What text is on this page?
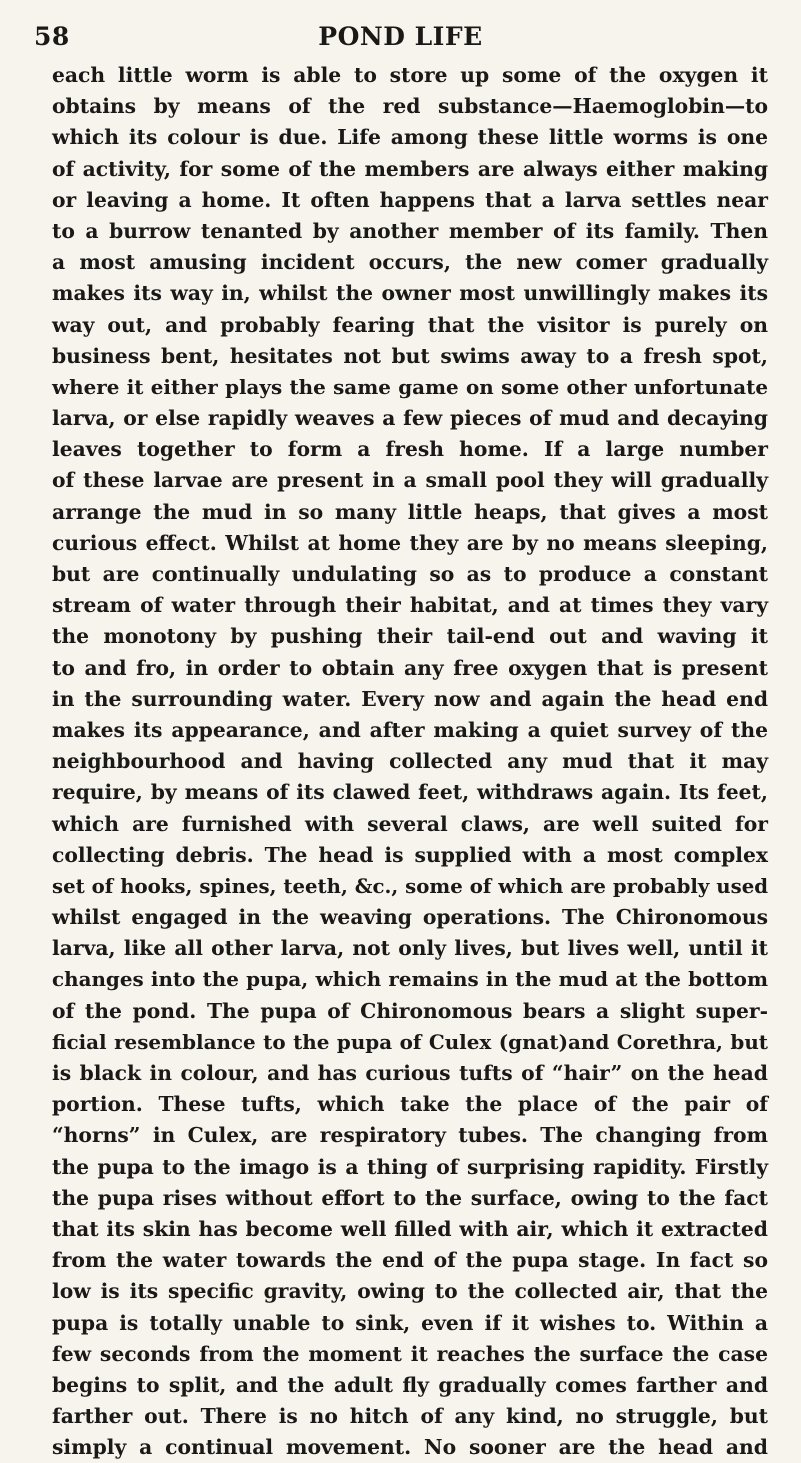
58	POND LIFE
each little worm is able to store up some of the oxygen it
obtains by means of the red substance—Haemoglobin—to
which its colour is due. Life among these little worms is one
of activity, for some of the members are always either making
or leaving a home. It often happens that a larva settles near
to a burrow tenanted by another member of its family. Then
a most amusing incident occurs, the new comer gradually
makes its way in, whilst the owner most unwillingly makes its
way out, and probably fearing that the visitor is purely on
business bent, hesitates not but swims away to a fresh spot,
where it either plays the same game on some other unfortunate
larva, or else rapidly weaves a few pieces of mud and decaying
leaves together to form a fresh home. If a large number
of these larvae are present in a small pool they will gradually
arrange the mud in so many little heaps, that gives a most
curious effect. Whilst at home they are by no means sleeping,
but are continually undulating so as to produce a constant
stream of water through their habitat, and at times they vary
the monotony by pushing their tail-end out and waving it
to and fro, in order to obtain any free oxygen that is present
in the surrounding water. Every now and again the head end
makes its appearance, and after making a quiet survey of the
neighbourhood and having collected any mud that it may
require, by means of its clawed feet, withdraws again. Its feet,
which are furnished with several claws, are well suited for
collecting debris. The head is supplied with a most complex
set of hooks, spines, teeth, &c., some of which are probably used
whilst engaged in the weaving operations. The Chironomous
larva, like all other larva, not only lives, but lives well, until it
changes into the pupa, which remains in the mud at the bottom
of the pond. The pupa of Chironomous bears a slight super-
ficial resemblance to the pupa of Culex (gnat)and Corethra, but
is black in colour, and has curious tufts of “hair” on the head
portion. These tufts, which take the place of the pair of
“horns” in Culex, are respiratory tubes. The changing from
the pupa to the imago is a thing of surprising rapidity. Firstly
the pupa rises without effort to the surface, owing to the fact
that its skin has become well filled with air, which it extracted
from the water towards the end of the pupa stage. In fact so
low is its specific gravity, owing to the collected air, that the
pupa is totally unable to sink, even if it wishes to. Within a
few seconds from the moment it reaches the surface the case
begins to split, and the adult fly gradually comes farther and
farther out. There is no hitch of any kind, no struggle, but
simply a continual movement. No sooner are the head and
